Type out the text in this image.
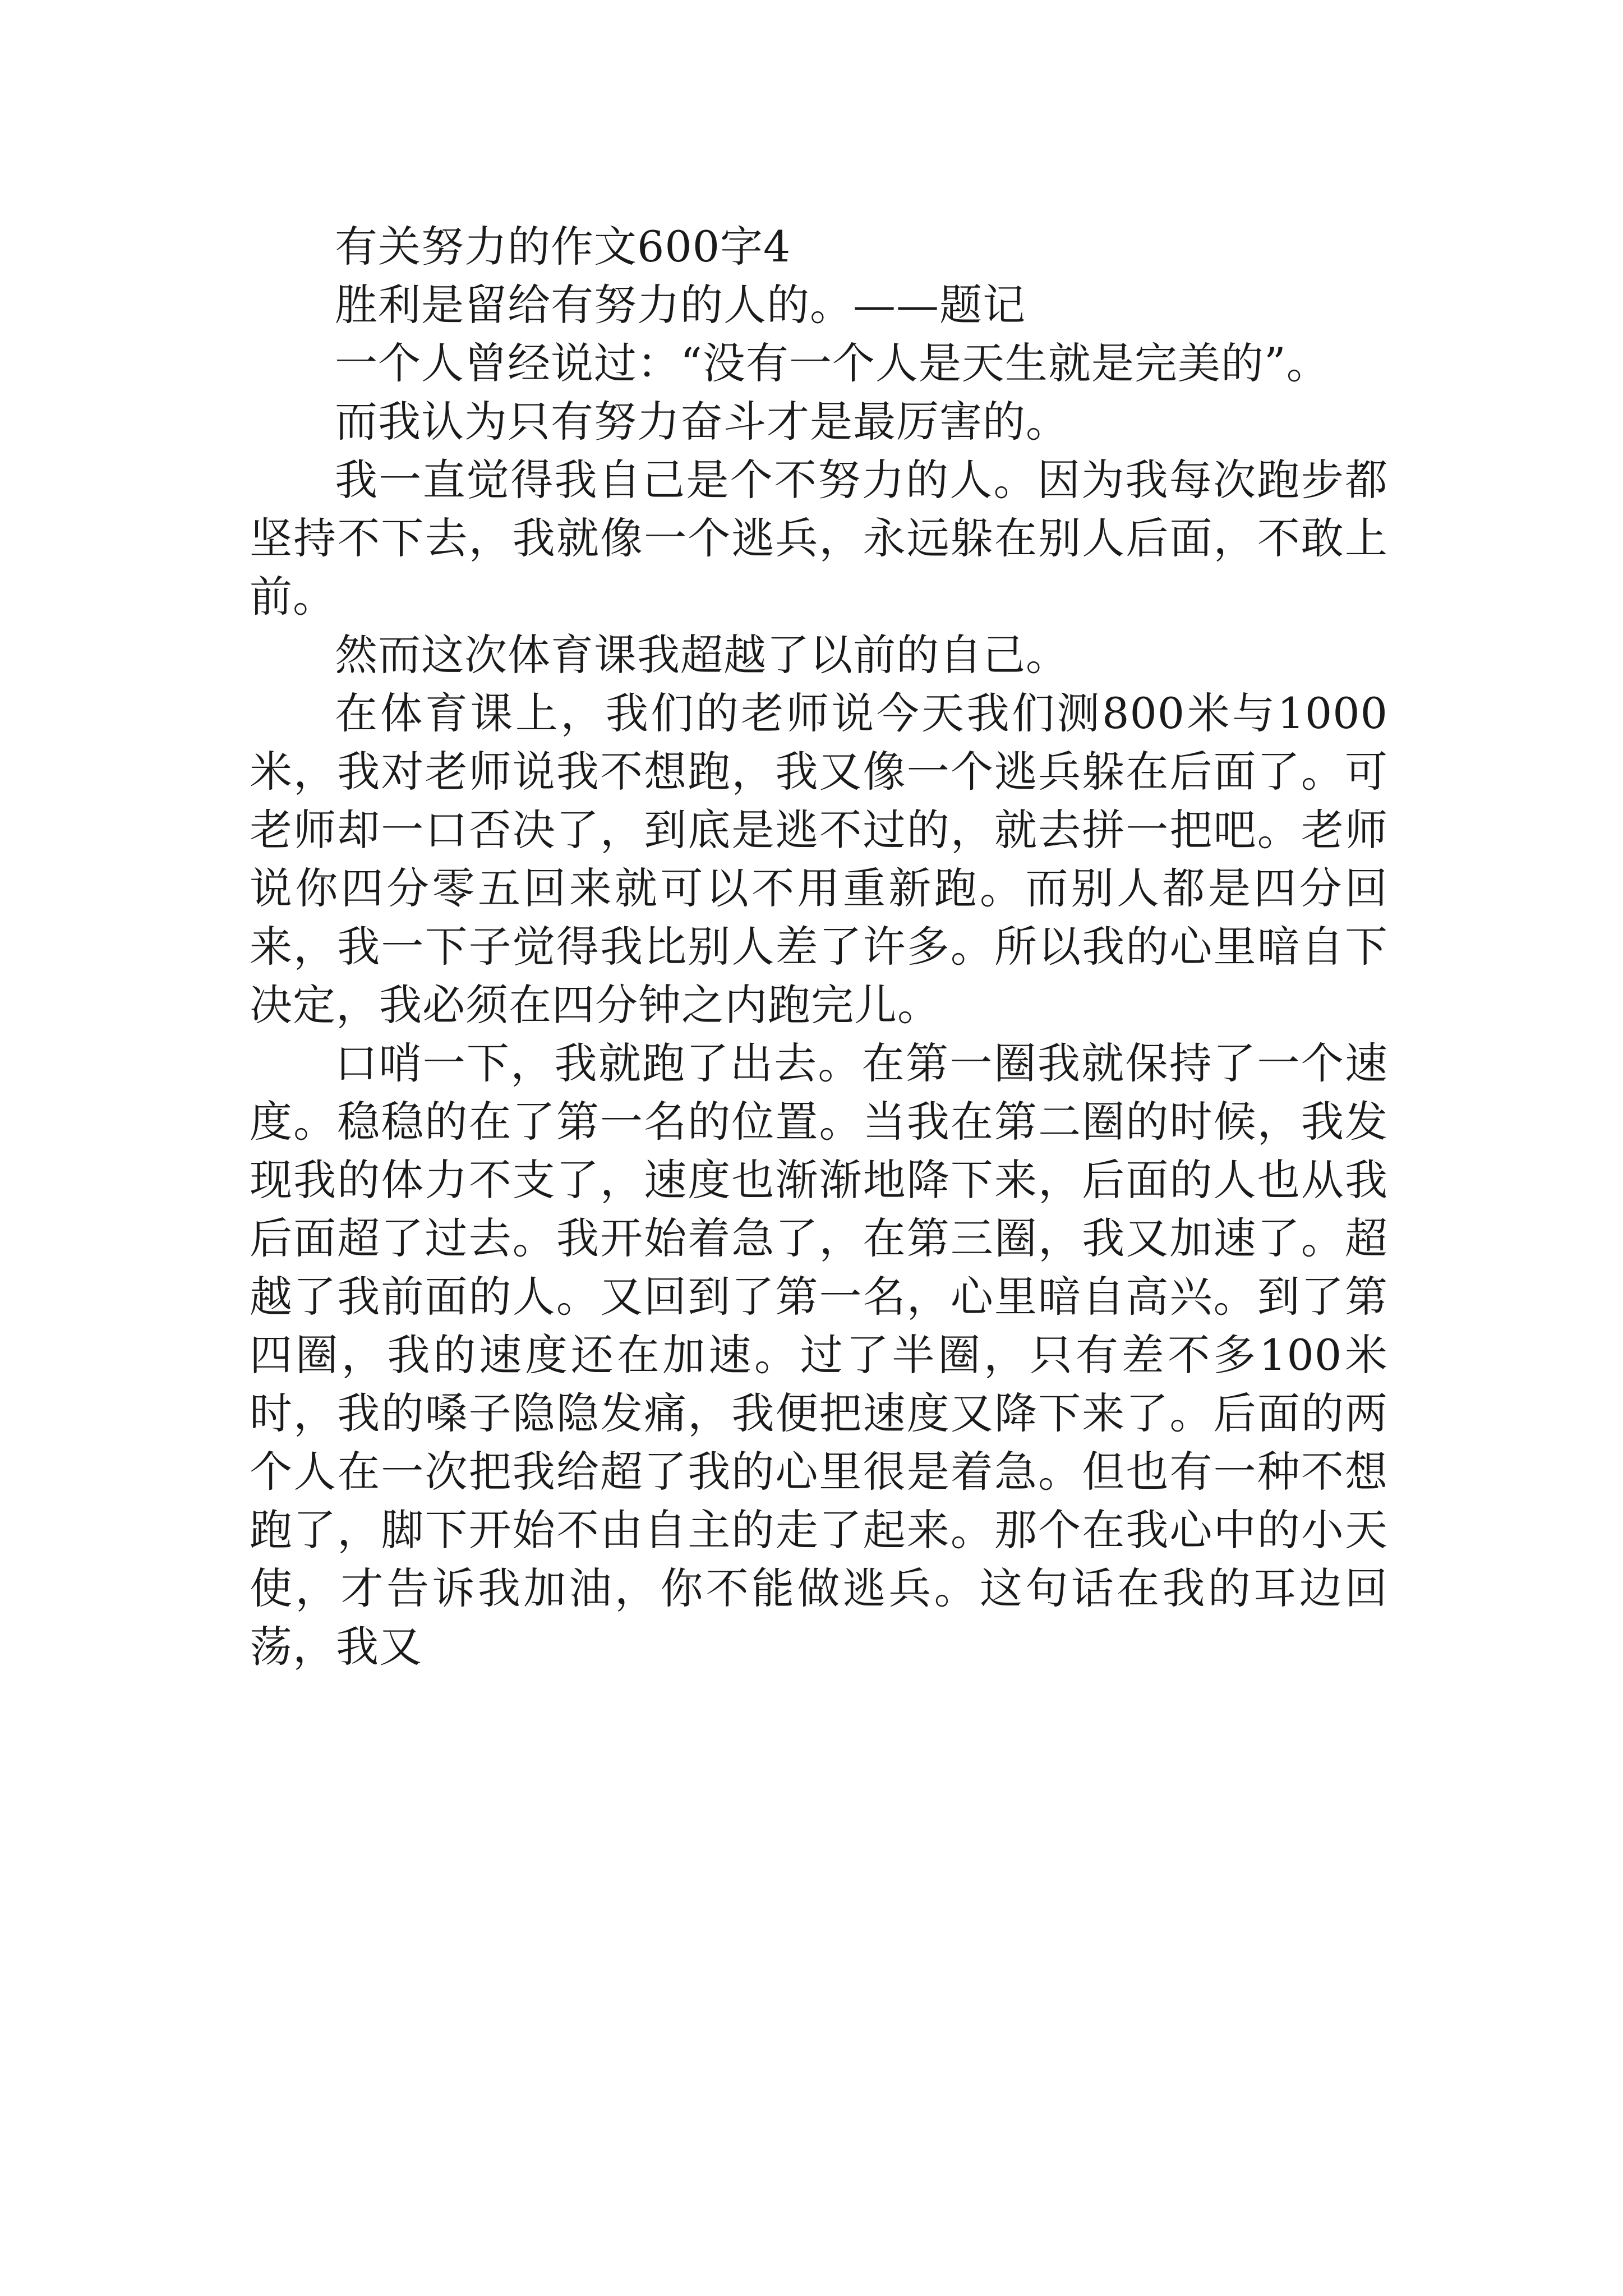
有关努力的作文600字4

胜利是留给有努力的人的。——题记

一个人曾经说过：“没有一个人是天生就是完美的”。

而我认为只有努力奋斗才是最厉害的。

我一直觉得我自己是个不努力的人。因为我每次跑步都坚持不下去，我就像一个逃兵，永远躲在别人后面，不敢上前。

然而这次体育课我超越了以前的自己。

在体育课上，我们的老师说今天我们测800米与1000米，我对老师说我不想跑，我又像一个逃兵躲在后面了。可老师却一口否决了，到底是逃不过的，就去拼一把吧。老师说你四分零五回来就可以不用重新跑。而别人都是四分回来，我一下子觉得我比别人差了许多。所以我的心里暗自下决定，我必须在四分钟之内跑完儿。

口哨一下，我就跑了出去。在第一圈我就保持了一个速度。稳稳的在了第一名的位置。当我在第二圈的时候，我发现我的体力不支了，速度也渐渐地降下来，后面的人也从我后面超了过去。我开始着急了，在第三圈，我又加速了。超越了我前面的人。又回到了第一名，心里暗自高兴。到了第四圈，我的速度还在加速。过了半圈，只有差不多100米时，我的嗓子隐隐发痛，我便把速度又降下来了。后面的两个人在一次把我给超了我的心里很是着急。但也有一种不想跑了，脚下开始不由自主的走了起来。那个在我心中的小天使，才告诉我加油，你不能做逃兵。这句话在我的耳边回荡，我又
